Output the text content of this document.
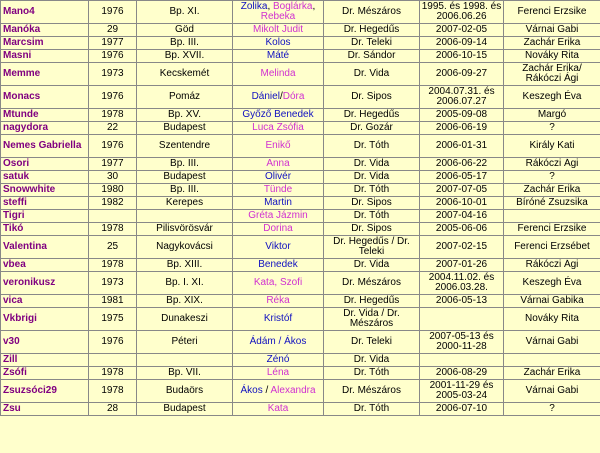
Mano4	1976	Bp. XI.	Zolika, Boglárka, Rebeka	Dr. Mészáros	1995. és 1998. és 2006.06.26	Ferenci Erzsike
Manóka	29	Göd	Mikolt Judit	Dr. Hegedűs	2007-02-05	Várnai Gabi
Marcsim	1977	Bp. III.	Kolos	Dr. Teleki	2006-09-14	Zachár Erika
Masni	1976	Bp. XVII.	Máté	Dr. Sándor	2006-10-15	Nováky Rita
Memme	1973	Kecskemét	Melinda	Dr. Vida	2006-09-27	Zachár Erika/ Rákóczi Ági
Monacs	1976	Pomáz	Dániel/Dóra	Dr. Sipos	2004.07.31. és 2006.07.27	Keszegh Éva
Mtunde	1978	Bp. XV.	Győző Benedek	Dr. Hegedűs	2005-09-08	Margó
nagydora	22	Budapest	Luca Zsófia	Dr. Gozár	2006-06-19	?
Nemes Gabriella	1976	Szentendre	Enikő	Dr. Tóth	2006-01-31	Király Kati
Osori	1977	Bp. III.	Anna	Dr. Vida	2006-06-22	Rákóczi Ági
satuk	30	Budapest	Olivér	Dr. Vida	2006-05-17	?
Snowwhite	1980	Bp. III.	Tünde	Dr. Tóth	2007-07-05	Zachár Erika
steffi	1982	Kerepes	Martin	Dr. Sipos	2006-10-01	Bíróné Zsuzsika
Tigri			Gréta Jázmin	Dr. Tóth	2007-04-16	
Tikó	1978	Pilisvörösvár	Dorina	Dr. Sipos	2005-06-06	Ferenci Erzsike
Valentina	25	Nagykovácsi	Viktor	Dr. Hegedűs / Dr. Teleki	2007-02-15	Ferenci Erzsébet
vbea	1978	Bp. XIII.	Benedek	Dr. Vida	2007-01-26	Rákóczi Ági
veronikusz	1973	Bp. I. XI.	Kata, Szofi	Dr. Mészáros	2004.11.02. és 2006.03.28.	Keszegh Éva
vica	1981	Bp. XIX.	Réka	Dr. Hegedűs	2006-05-13	Várnai Gabika
Vkbrigi	1975	Dunakeszi	Kristóf	Dr. Vida / Dr. Mészáros		Nováky Rita
v30	1976	Péteri	Ádám / Ákos	Dr. Teleki	2007-05-13 és 2000-11-28	Várnai Gabi
Zill			Zénó	Dr. Vida		
Zsófi	1978	Bp. VII.	Léna	Dr. Tóth	2006-08-29	Zachár Erika
Zsuzsóci29	1978	Budaörs	Ákos / Alexandra	Dr. Mészáros	2001-11-29 és 2005-03-24	Várnai Gabi
Zsu	28	Budapest	Kata	Dr. Tóth	2006-07-10	?
